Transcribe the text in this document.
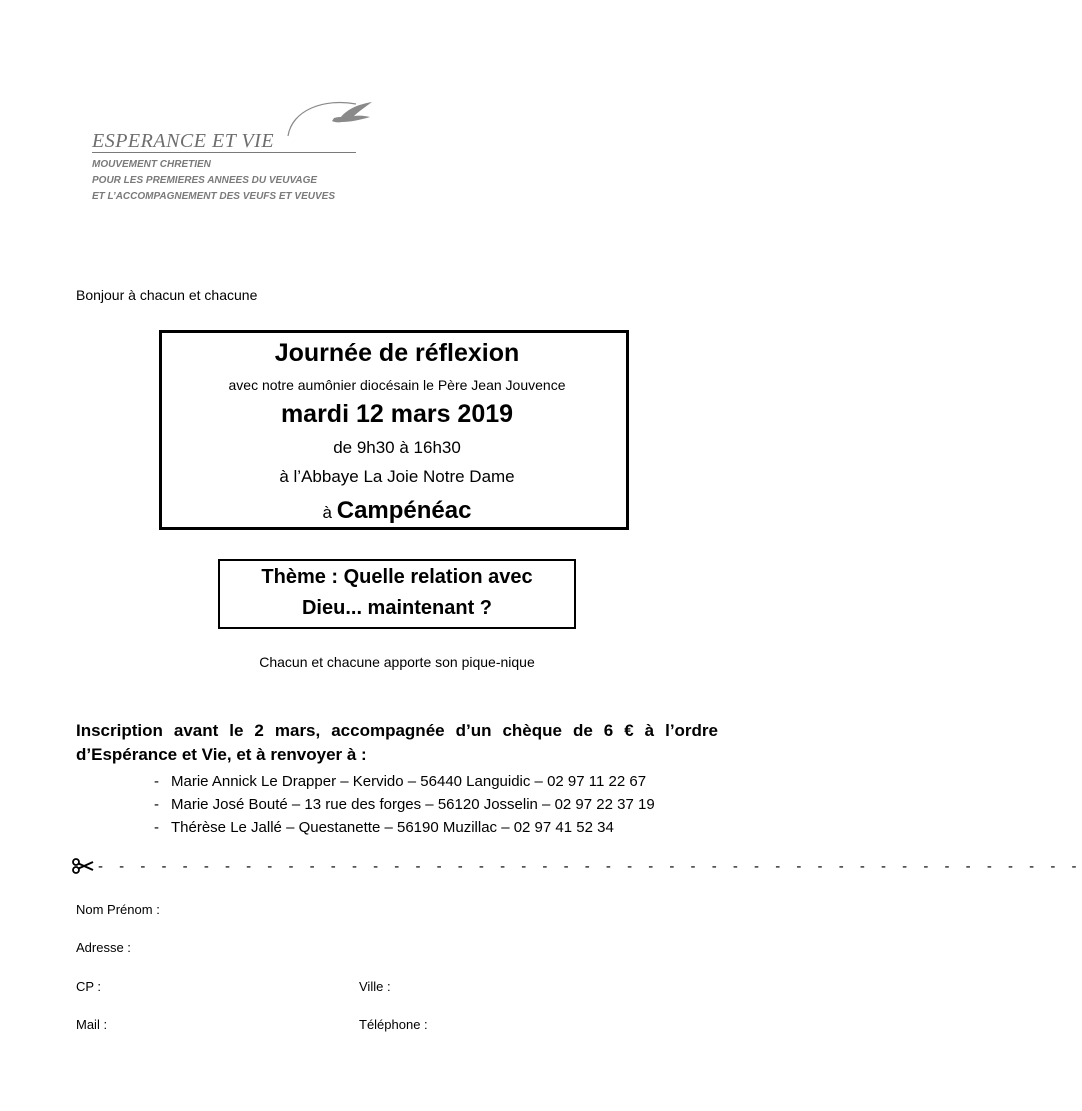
ESPERANCE ET VIE
MOUVEMENT CHRETIEN
POUR LES PREMIERES ANNEES DU VEUVAGE
ET L’ACCOMPAGNEMENT DES VEUFS ET VEUVES
Bonjour à chacun et chacune
Journée de réflexion
avec notre aumônier diocésain le Père Jean Jouvence
mardi 12 mars 2019
de 9h30 à 16h30
à l’Abbaye La Joie Notre Dame
à Campénéac
Thème : Quelle relation avec
Dieu... maintenant ?
Chacun et chacune apporte son pique-nique
Inscription avant le 2 mars, accompagnée d’un chèque de 6 € à l’ordre
d’Espérance et Vie, et à renvoyer à :
- Marie Annick Le Drapper – Kervido – 56440 Languidic – 02 97 11 22 67
- Marie José Bouté – 13 rue des forges – 56120 Josselin – 02 97 22 37 19
- Thérèse Le Jallé – Questanette – 56190 Muzillac – 02 97 41 52 34
- - - - - - - - - - - - - - - - - - - - - - - - - - - - - - - - - - - - - - - - - - - - - - -
Nom Prénom :
Adresse :
CP :	Ville :
Mail :	Téléphone :
